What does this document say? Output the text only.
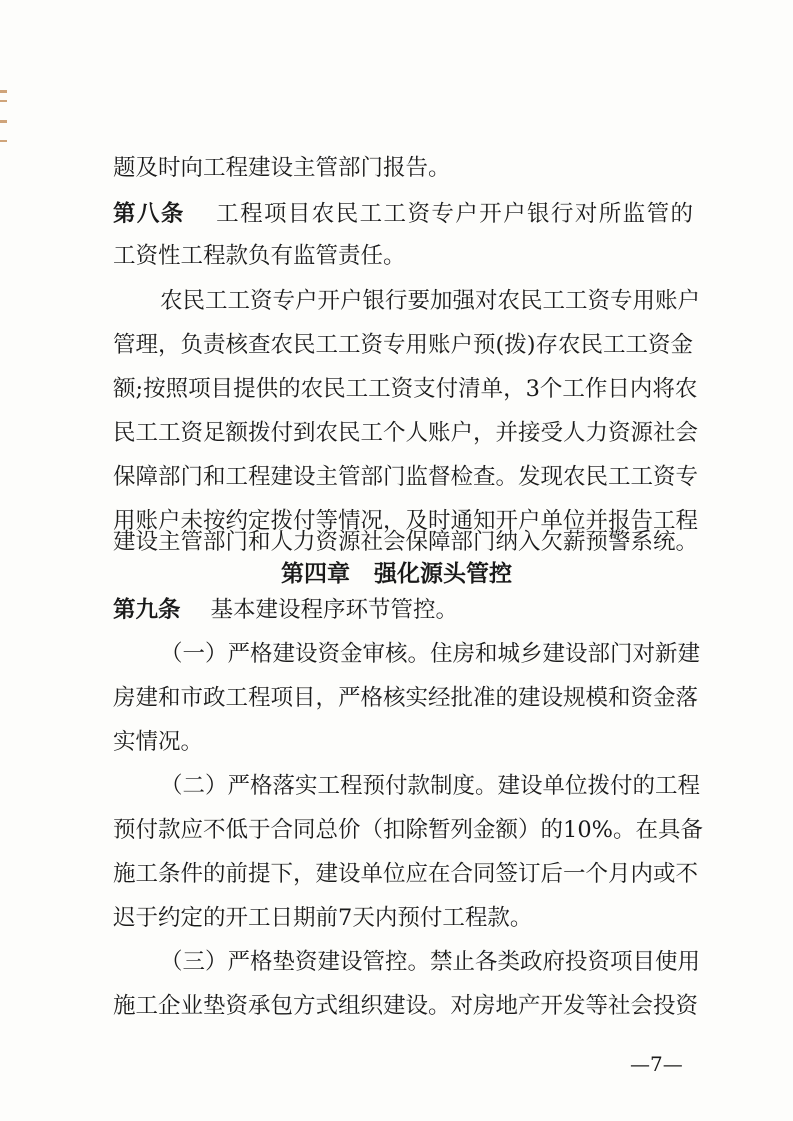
题及时向工程建设主管部门报告。
第八条 工程项目农民工工资专户开户银行对所监管的
工资性工程款负有监管责任。
农民工工资专户开户银行要加强对农民工工资专用账户
管理，负责核查农民工工资专用账户预(拨)存农民工工资金
额;按照项目提供的农民工工资支付清单，3个工作日内将农
民工工资足额拨付到农民工个人账户，并接受人力资源社会
保障部门和工程建设主管部门监督检查。发现农民工工资专
用账户未按约定拨付等情况，及时通知开户单位并报告工程
建设主管部门和人力资源社会保障部门纳入欠薪预警系统。
第四章   强化源头管控
第九条 基本建设程序环节管控。
（一）严格建设资金审核。住房和城乡建设部门对新建
房建和市政工程项目，严格核实经批准的建设规模和资金落
实情况。
（二）严格落实工程预付款制度。建设单位拨付的工程
预付款应不低于合同总价（扣除暂列金额）的10%。在具备
施工条件的前提下，建设单位应在合同签订后一个月内或不
迟于约定的开工日期前7天内预付工程款。
（三）严格垫资建设管控。禁止各类政府投资项目使用
施工企业垫资承包方式组织建设。对房地产开发等社会投资
—7—
